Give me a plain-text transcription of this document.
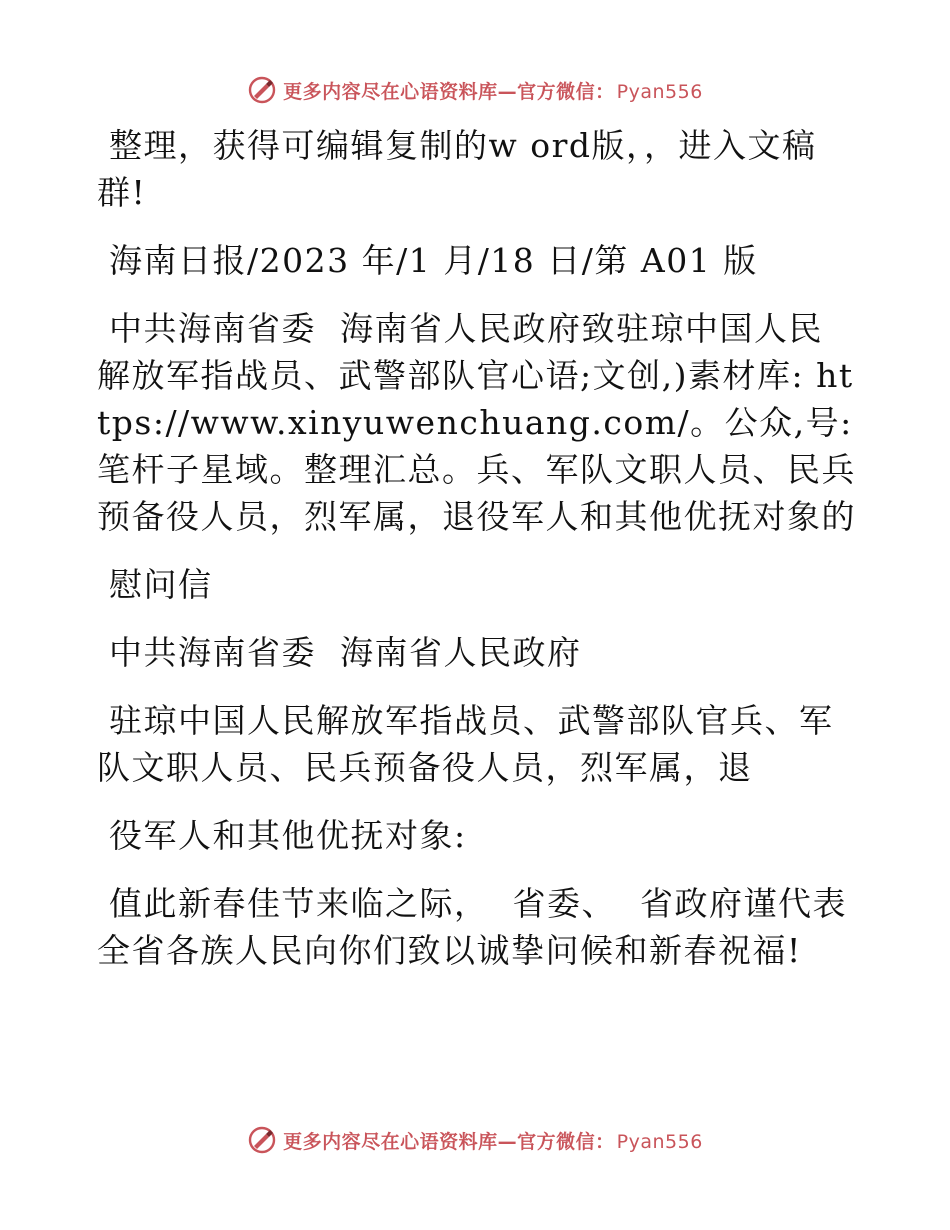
更多内容尽在心语资料库—官方微信： Pyan556

整理，获得可编辑复制的w ord版，，进入文稿群!

海南日报/2023 年/1 月/18 日/第 A01 版

中共海南省委  海南省人民政府致驻琼中国人民解放军指战员、武警部队官心语;文创,)素材库: https://www.xinyuwenchuang.com/。公众,号: 笔杆子星域。整理汇总。兵、军队文职人员、民兵预备役人员，烈军属，退役军人和其他优抚对象的

慰问信

中共海南省委  海南省人民政府

驻琼中国人民解放军指战员、武警部队官兵、军队文职人员、民兵预备役人员，烈军属，退

役军人和其他优抚对象:

值此新春佳节来临之际，  省委、  省政府谨代表全省各族人民向你们致以诚挚问候和新春祝福!

更多内容尽在心语资料库—官方微信： Pyan556
